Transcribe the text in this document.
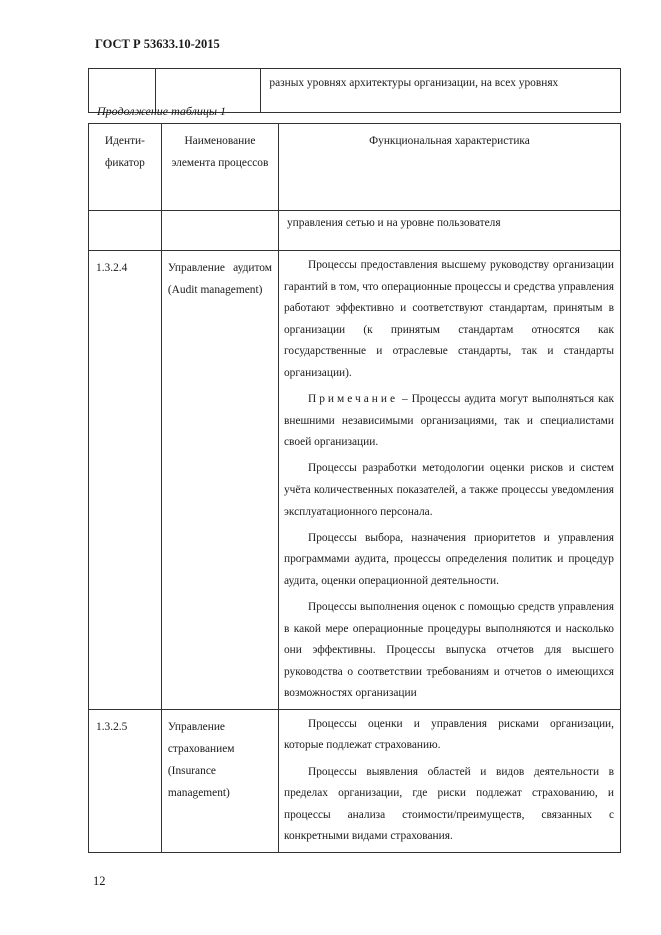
ГОСТ Р 53633.10-2015
		разных уровнях архитектуры организации, на всех уровнях
Продолжение таблицы 1
Иденти-фикатор	Наименование элемента процессов	Функциональная характеристика
		управления сетью и на уровне пользователя
1.3.2.4	Управление аудитом (Audit management)	Процессы предоставления высшему руководству организации гарантий в том, что операционные процессы и средства управления работают эффективно и соответствуют стандартам, принятым в организации (к принятым стандартам относятся как государственные и отраслевые стандарты, так и стандарты организации).

Примечание – Процессы аудита могут выполняться как внешними независимыми организациями, так и специалистами своей организации.

Процессы разработки методологии оценки рисков и систем учёта количественных показателей, а также процессы уведомления эксплуатационного персонала.

Процессы выбора, назначения приоритетов и управления программами аудита, процессы определения политик и процедур аудита, оценки операционной деятельности.

Процессы выполнения оценок с помощью средств управления в какой мере операционные процедуры выполняются и насколько они эффективны. Процессы выпуска отчетов для высшего руководства о соответствии требованиям и отчетов о имеющихся возможностях организации

1.3.2.5	Управление страхованием (Insurance management)	Процессы оценки и управления рисками организации, которые подлежат страхованию.

Процессы выявления областей и видов деятельности в пределах организации, где риски подлежат страхованию, и процессы анализа стоимости/преимуществ, связанных с конкретными видами страхования.

12
